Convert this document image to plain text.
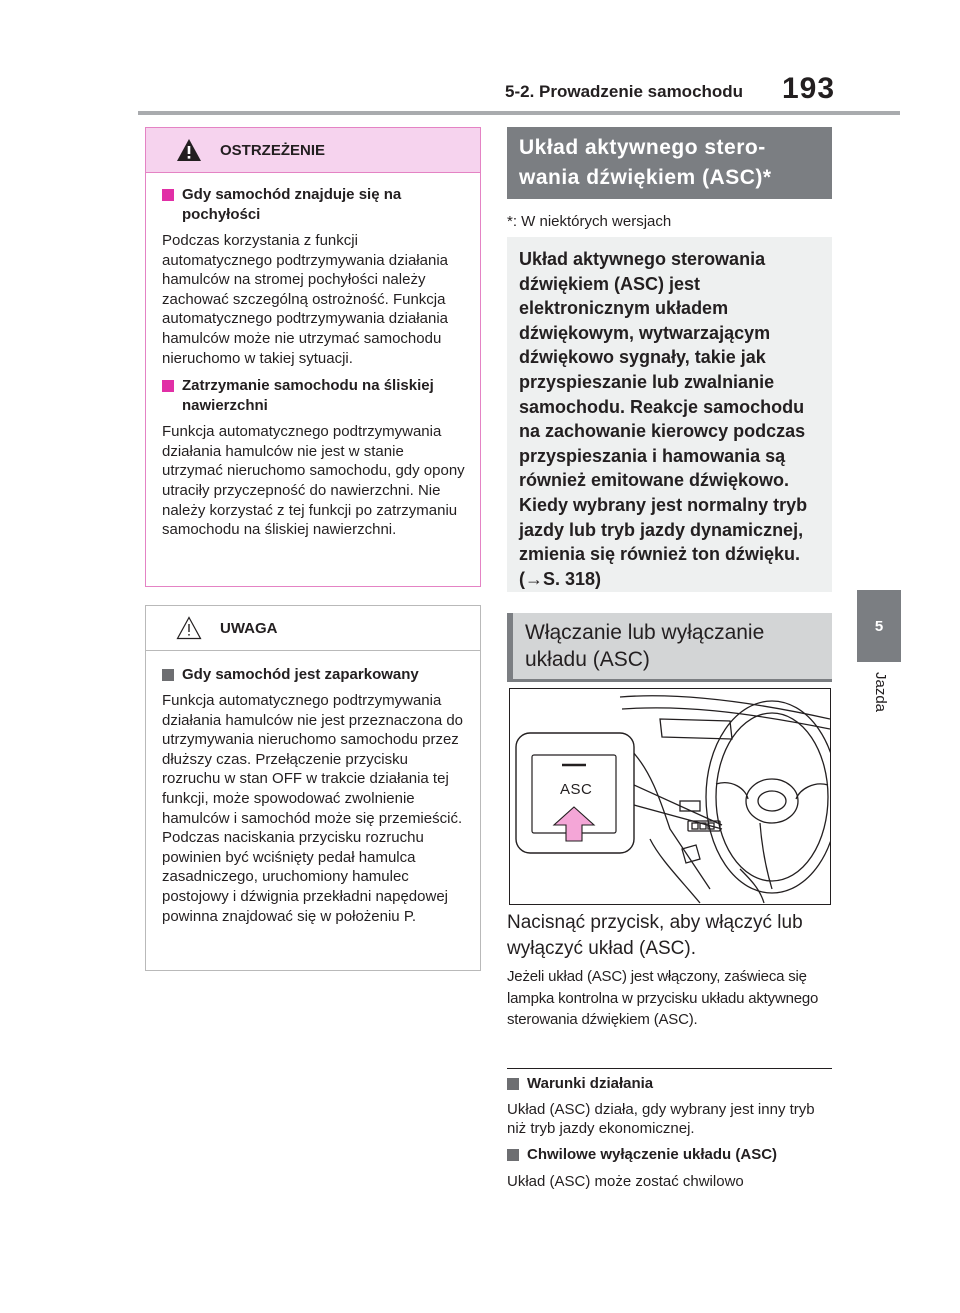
5-2. Prowadzenie samochodu 193
5
Jazda
OSTRZEŻENIE
Gdy samochód znajduje się na pochyłości
Podczas korzystania z funkcji automatycznego podtrzymywania działania hamulców na stromej pochyłości należy zachować szczególną ostrożność. Funkcja automatycznego podtrzymywania działania hamulców może nie utrzymać samochodu nieruchomo w takiej sytuacji.
Zatrzymanie samochodu na śliskiej nawierzchni
Funkcja automatycznego podtrzymywania działania hamulców nie jest w stanie utrzymać nieruchomo samochodu, gdy opony utraciły przyczepność do nawierzchni. Nie należy korzystać z tej funkcji po zatrzymaniu samochodu na śliskiej nawierzchni.
UWAGA
Gdy samochód jest zaparkowany
Funkcja automatycznego podtrzymywania działania hamulców nie jest przeznaczona do utrzymywania nieruchomo samochodu przez dłuższy czas. Przełączenie przycisku rozruchu w stan OFF w trakcie działania tej funkcji, może spowodować zwolnienie hamulców i samochód może się przemieścić. Podczas naciskania przycisku rozruchu powinien być wciśnięty pedał hamulca zasadniczego, uruchomiony hamulec postojowy i dźwignia przekładni napędowej powinna znajdować się w położeniu P.
Układ aktywnego stero-
wania dźwiękiem (ASC)*
*: W niektórych wersjach
Układ aktywnego sterowania dźwiękiem (ASC) jest elektronicznym układem dźwiękowym, wytwarzającym dźwiękowo sygnały, takie jak przyspieszanie lub zwalnianie samochodu. Reakcje samochodu na zachowanie kierowcy podczas przyspieszania i hamowania są również emitowane dźwiękowo. Kiedy wybrany jest normalny tryb jazdy lub tryb jazdy dynamicznej, zmienia się również ton dźwięku. (→S. 318)
Włączanie lub wyłączanie
układu (ASC)
ASC
Nacisnąć przycisk, aby włączyć lub wyłączyć układ (ASC).
Jeżeli układ (ASC) jest włączony, zaświeca się lampka kontrolna w przycisku układu aktywnego sterowania dźwiękiem (ASC).
Warunki działania
Układ (ASC) działa, gdy wybrany jest inny tryb niż tryb jazdy ekonomicznej.
Chwilowe wyłączenie układu (ASC)
Układ (ASC) może zostać chwilowo
